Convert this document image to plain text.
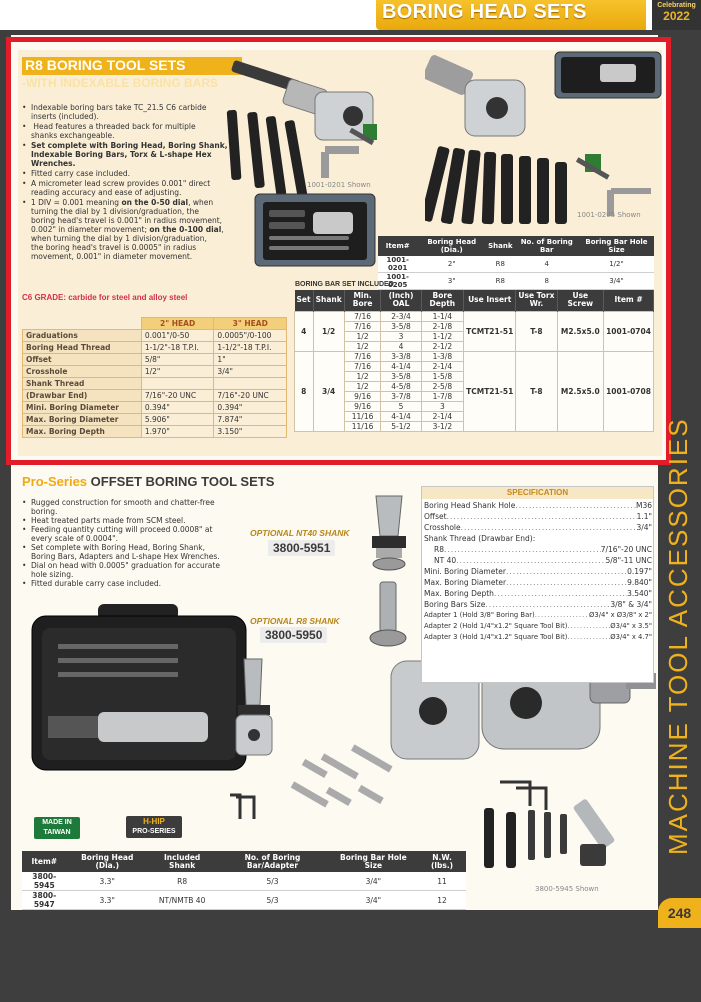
BORING HEAD SETS	Celebrating
2022
R8 BORING TOOL SETS
-WITH INDEXABLE BORING BARS
• Indexable boring bars take TC_21.5 C6 carbide
inserts (included).
•  Head features a threaded back for multiple
shanks exchangeable.
• Set complete with Boring Head, Boring Shank,
Indexable Boring Bars, Torx & L-shape Hex
Wrenches.
• Fitted carry case included.
• A micrometer lead screw provides 0.001" direct
reading accuracy and ease of adjusting.
• 1 DIV = 0.001 meaning on the 0-50 dial, when
turning the dial by 1 division/graduation, the
boring head's travel is 0.001" in radius movement,
0.002" in diameter movement; on the 0-100 dial,
when turning the dial by 1 division/graduation,
the boring head's travel is 0.0005" in radius
movement, 0.001" in diameter movement.
C6 GRADE: carbide for steel and alloy steel
1001-0201 Shown
1001-0205 Shown
Item#	Boring Head (Dia.)	Shank	No. of Boring Bar	Boring Bar Hole Size
1001-0201	2"	R8	4	1/2"
1001-0205	3"	R8	8	3/4"
BORING BAR SET INCLUDED
Set	Shank	Min. Bore	(Inch) OAL	Bore Depth	Use Insert	Use Torx Wr.	Use Screw	Item #
4	1/2	7/16	2-3/4	1-1/4	TCMT21-51	T-8	M2.5x5.0	1001-0704
		7/16	3-5/8	2-1/8				
		1/2	3	1-1/2				
		1/2	4	2-1/2				
8	3/4	7/16	3-3/8	1-3/8	TCMT21-51	T-8	M2.5x5.0	1001-0708
		7/16	4-1/4	2-1/4				
		1/2	3-5/8	1-5/8				
		1/2	4-5/8	2-5/8				
		9/16	3-7/8	1-7/8				
		9/16	5	3				
		11/16	4-1/4	2-1/4				
		11/16	5-1/2	3-1/2				
	2" HEAD	3" HEAD
Graduations	0.001"/0-50	0.0005"/0-100
Boring Head Thread	1-1/2"-18 T.P.I.	1-1/2"-18 T.P.I.
Offset	5/8"	1"
Crosshole	1/2"	3/4"
Shank Thread		
(Drawbar End)	7/16"-20 UNC	7/16"-20 UNC
Mini. Boring Diameter	0.394"	0.394"
Max. Boring Diameter	5.906"	7.874"
Max. Boring Depth	1.970"	3.150"
Pro-Series OFFSET BORING TOOL SETS
• Rugged construction for smooth and chatter-free
boring.
• Heat treated parts made from SCM steel.
• Feeding quantity cutting will proceed 0.0008" at
every scale of 0.0004".
• Set complete with Boring Head, Boring Shank,
Boring Bars, Adapters and L-shape Hex Wrenches.
• Dial on head with 0.0005" graduation for accurate
hole sizing.
• Fitted durable carry case included.
OPTIONAL NT40 SHANK
3800-5951
OPTIONAL R8 SHANK
3800-5950
3800-5945 Shown
MADE IN
TAIWAN
H-HIP
PRO-SERIES
SPECIFICATION
Boring Head Shank Hole .....	M36
Offset .....	1.1"
Crosshole .....	3/4"
Shank Thread (Drawbar End):
R8 .....	7/16"-20 UNC
NT 40 .....	5/8"-11 UNC
Mini. Boring Diameter .....	0.197"
Max. Boring Diameter .....	9.840"
Max. Boring Depth .....	3.540"
Boring Bars Size .....	3/8" & 3/4"
Adapter 1 (Hold 3/8" Boring Bar) .....	Ø3/4" x Ø3/8" x 2"
Adapter 2 (Hold 1/4"x1.2" Square Tool Bit) .....	Ø3/4" x 3.5"
Adapter 3 (Hold 1/4"x1.2" Square Tool Bit) .....	Ø3/4" x 4.7"
Item#	Boring Head (Dia.)	Included Shank	No. of Boring Bar/Adapter	Boring Bar Hole Size	N.W. (lbs.)
3800-5945	3.3"	R8	5/3	3/4"	11
3800-5947	3.3"	NT/NMTB 40	5/3	3/4"	12
MACHINE TOOL ACCESSORIES
248
